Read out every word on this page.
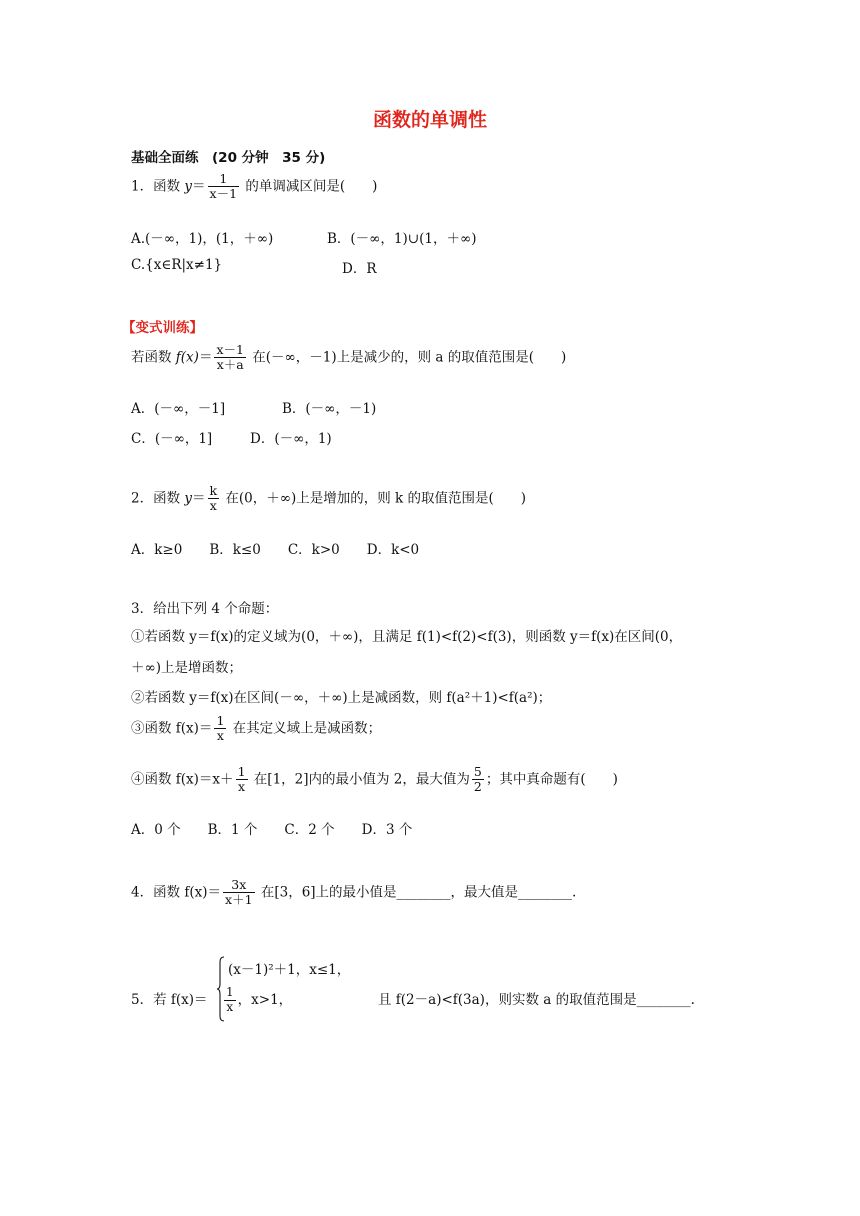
函数的单调性
基础全面练　(20 分钟　35 分)
1．函数 $y= \frac{1}{x-1}$ 的单调减区间是(　　)
A.(－∞，1)，(1，＋∞)	B．(－∞，1)∪(1，＋∞)
C.{x∈R|x≠1}	D．R
【变式训练】
若函数 $f(x)= \frac{x-1}{x+a}$ 在(－∞，－1)上是减少的，则 a 的取值范围是(　　)
A．(－∞，－1]	B．(－∞，－1)
C．(－∞，1]	D．(－∞，1)
2．函数 $y= \frac{k}{x}$ 在(0，＋∞)上是增加的，则 k 的取值范围是(　　)
A．k≥0　　B．k≤0　　C．k>0　　D．k<0
3．给出下列 4 个命题：
①若函数 y＝f(x)的定义域为(0，＋∞)，且满足 f(1)<f(2)<f(3)，则函数 y＝f(x)在区间(0，
＋∞)上是增函数；
②若函数 y＝f(x)在区间(－∞，＋∞)上是减函数，则 f(a²＋1)<f(a²)；
③函数 $f(x)= \frac{1}{x}$ 在其定义域上是减函数；
④函数 $f(x)=x+ \frac{1}{x}$ 在[1，2]内的最小值为 2，最大值为 $\frac{5}{2}$ ；其中真命题有(　　)
A．0 个　　B．1 个　　C．2 个　　D．3 个
4．函数 $f(x)= \frac{3x}{x+1}$ 在[3，6]上的最小值是________，最大值是________.
5．若 f(x)＝
(x－1)²＋1，x≤1，
$\frac{1}{x}$ ，x>1，	且 f(2－a)<f(3a)，则实数 a 的取值范围是________.
